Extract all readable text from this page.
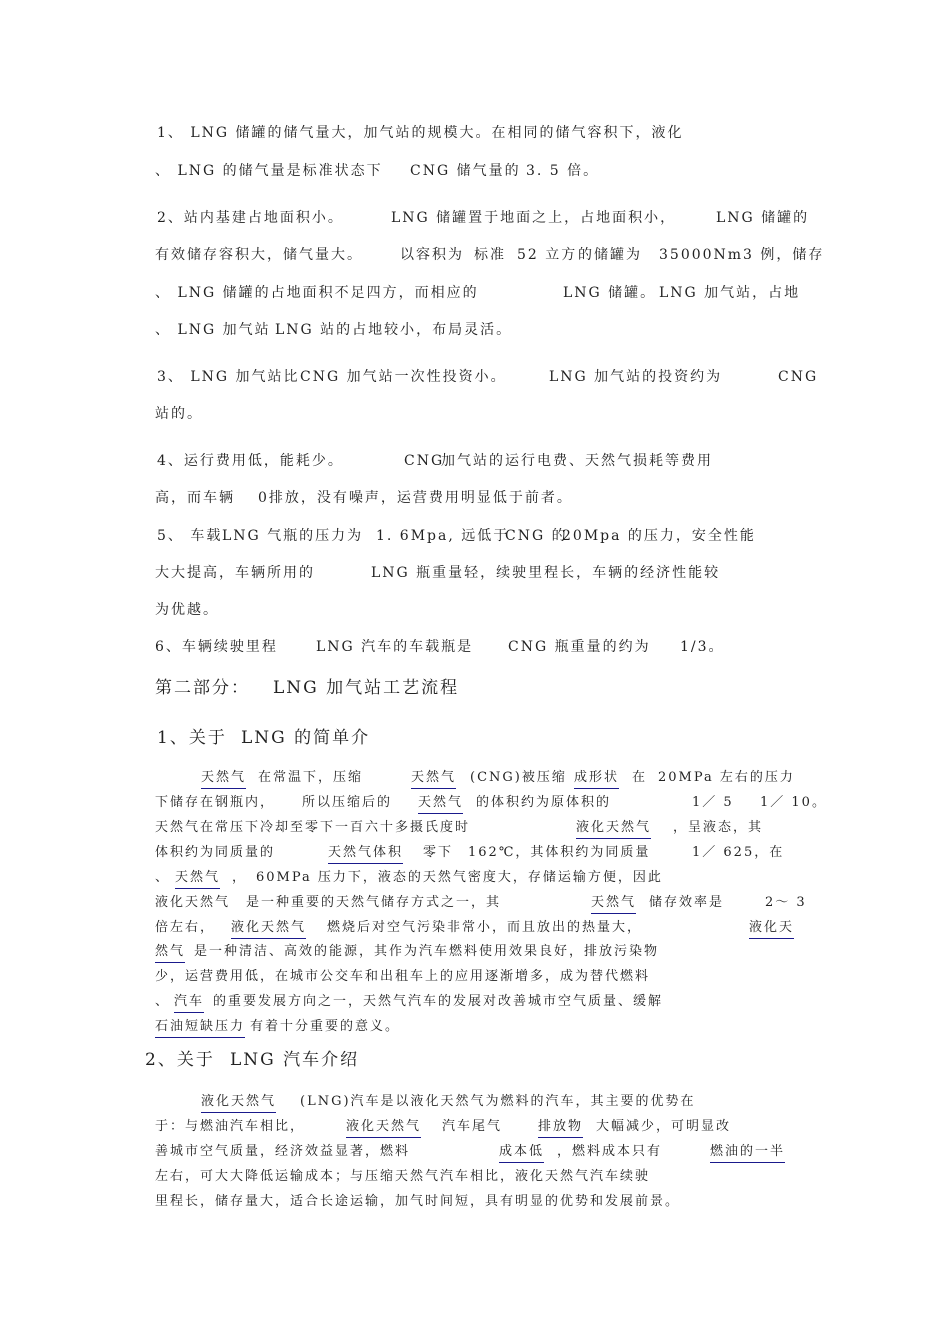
1、 LNG 储罐的储气量大，加气站的规模大。在相同的储气容积下，液化
、 LNG 的储气量是标准状态下 CNG 储气量的 3. 5 倍。
2、站内基建占地面积小。	LNG 储罐置于地面之上，占地面积小，	LNG 储罐的
有效储存容积大，储气量大。	以容积为 标准 52 立方 的储罐为 35000Nm3 例，储存
、 LNG 储罐的占地面积不足四方，而相应的	LNG 储罐。 LNG 加气站，占地
、 LNG 加气站 LNG 站的占地较小，布局灵活。
3、 LNG 加气站比 CNG 加气站一次性投资小。	LNG 加气站的投资约为	CNG
站的。
4、运行费用低，能耗少。	CNG
加气站的运行电费、天然气损耗等费用
高，而车辆 0排放，没有噪声，运营费用明显低于前者。
5、 车载 LNG 气瓶的压力为 1. 6Mpa, 远低于
CNG 的
20Mpa 的压力，安全性能
大大提高，车辆所用的	LNG 瓶重量轻，续驶里程长，车辆的经济性能较
为优越。
6、车辆续驶里程	LNG 汽车的车载瓶是 CNG 瓶重量的约为 1/3。
第二部分： LNG 加气站工艺流程
1、关于 LNG 的简单介
天然气 在常温下，压缩	天然气 (CNG)被压缩 成形状 在 20MPa 左右的压力
下储存在钢瓶内， 所以压缩后的 天然气 的体积约为原体积的	1／ 5 1／ 10。
天然气在常压下冷却至零下一百六十多摄氏度时	液化天然气 ，呈液态，其
体积约为同质量的	天然气体积 零下 162℃，其体积约为同质量	1／ 625，在
、 天然气 ， 60MPa 压力下，液态的天然气密度大，存储运输方便，因此
液化天然气 是一种重要的天然气储存方式之一，其	天然气 储存效率是	2～ 3
倍左右， 液化天然气 燃烧后对空气污染非常小，而且放出的热量大，	液化天
然气 是一种清洁、高效的能源，其作为汽车燃料使用效果良好，排放污染物
少，运营费用低，在城市公交车和出租车上的应用逐渐增多，成为替代燃料
、 汽车 的重要发展方向之一，天然气汽车的发展对改善城市空气质量、缓解
石油短缺压力 有着十分重要的意义。
2、关于 LNG 汽车介绍
液化天然气 (LNG)汽车是以液化天然气为燃料的汽车，其主要的优势在
于：与燃油汽车相比，	液化天然气 汽车尾气	排放物 大幅减少，可明显改
善城市空气质量，经济效益显著，燃料	成本低 ，燃料成本只有	燃油的一半
左右，可大大降低运输成本；与压缩天然气汽车相比，液化天然气汽车续驶
里程长，储存量大，适合长途运输，加气时间短，具有明显的优势和发展前景。
